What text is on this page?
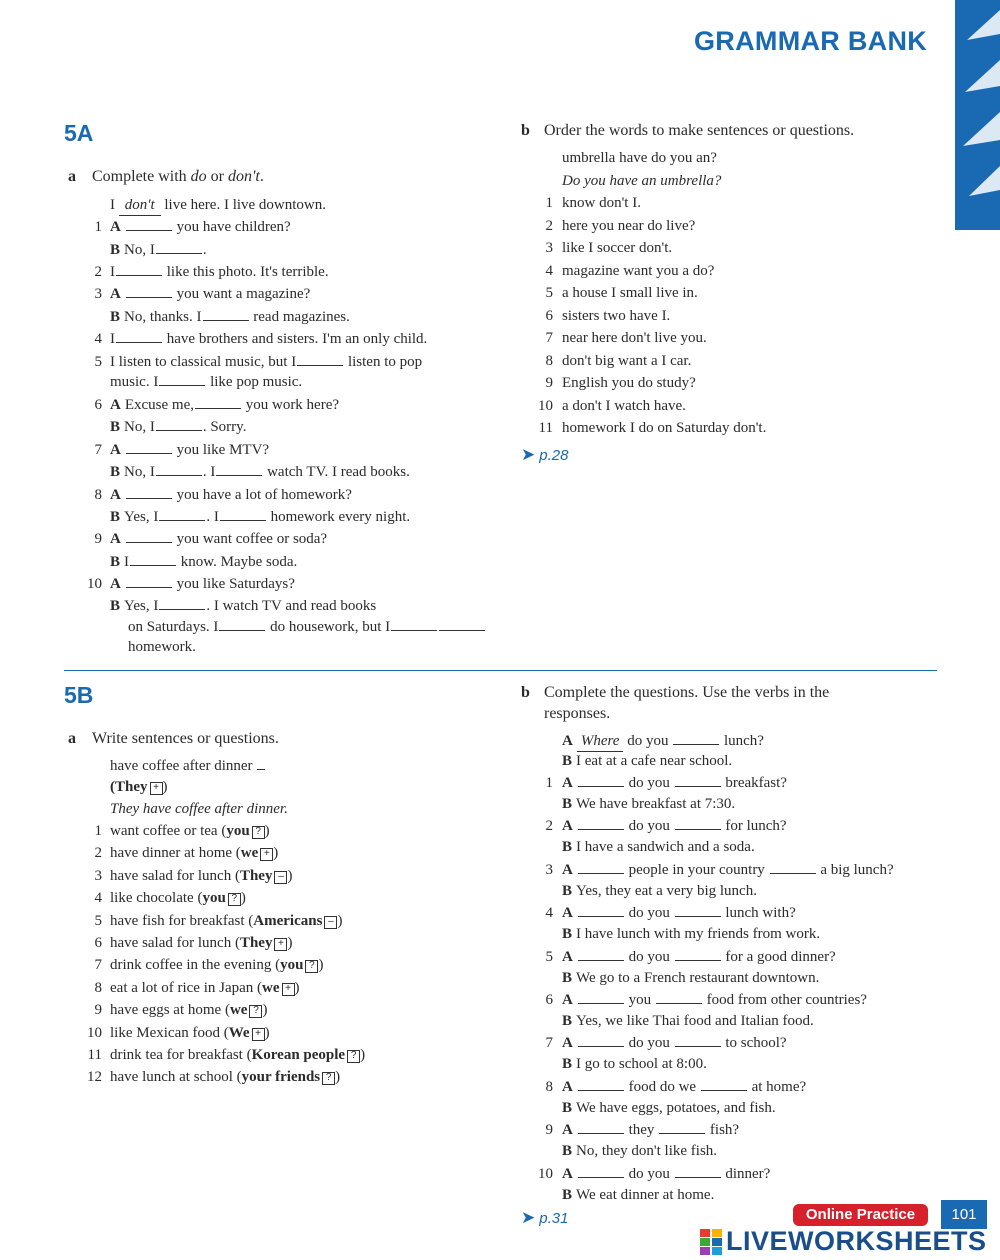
GRAMMAR BANK
5A
a Complete with do or don't.
I don't live here. I live downtown.
1 A	you have children?
B No, I	.
2 I	like this photo. It's terrible.
3 A	you want a magazine?
B No, thanks. I	read magazines.
4 I	have brothers and sisters. I'm an only child.
5 I listen to classical music, but I	listen to pop
music. I	like pop music.
6 A Excuse me,	you work here?
B No, I	. Sorry.
7 A	you like MTV?
B No, I	. I	watch TV. I read books.
8 A	you have a lot of homework?
B Yes, I	. I	homework every night.
9 A	you want coffee or soda?
B I	know. Maybe soda.
10 A	you like Saturdays?
B Yes, I	. I watch TV and read books
on Saturdays. I	do housework, but I
homework.
b Order the words to make sentences or questions.
umbrella have do you an?
Do you have an umbrella?
1 know don't I.
2 here you near do live?
3 like I soccer don't.
4 magazine want you a do?
5 a house I small live in.
6 sisters two have I.
7 near here don't live you.
8 don't big want a I car.
9 English you do study?
10 a don't I watch have.
11 homework I do on Saturday don't.
➤ p.28
5B
a Write sentences or questions.
have coffee after dinner
(They + )
They have coffee after dinner.
1 want coffee or tea (you ? )
2 have dinner at home (we + )
3 have salad for lunch (They – )
4 like chocolate (you ? )
5 have fish for breakfast (Americans – )
6 have salad for lunch (They + )
7 drink coffee in the evening (you ? )
8 eat a lot of rice in Japan (we + )
9 have eggs at home (we ? )
10 like Mexican food (We + )
11 drink tea for breakfast (Korean people ? )
12 have lunch at school (your friends ? )
b Complete the questions. Use the verbs in the
responses.
A Where do you	lunch?
B I eat at a cafe near school.
1 A	do you	breakfast?
B We have breakfast at 7:30.
2 A	do you	for lunch?
B I have a sandwich and a soda.
3 A	people in your country	a big lunch?
B Yes, they eat a very big lunch.
4 A	do you	lunch with?
B I have lunch with my friends from work.
5 A	do you	for a good dinner?
B We go to a French restaurant downtown.
6 A	you	food from other countries?
B Yes, we like Thai food and Italian food.
7 A	do you	to school?
B I go to school at 8:00.
8 A	food do we	at home?
B We have eggs, potatoes, and fish.
9 A	they	fish?
B No, they don't like fish.
10 A	do you	dinner?
B We eat dinner at home.
➤ p.31	Online Practice	101
LIVEWORKSHEETS
